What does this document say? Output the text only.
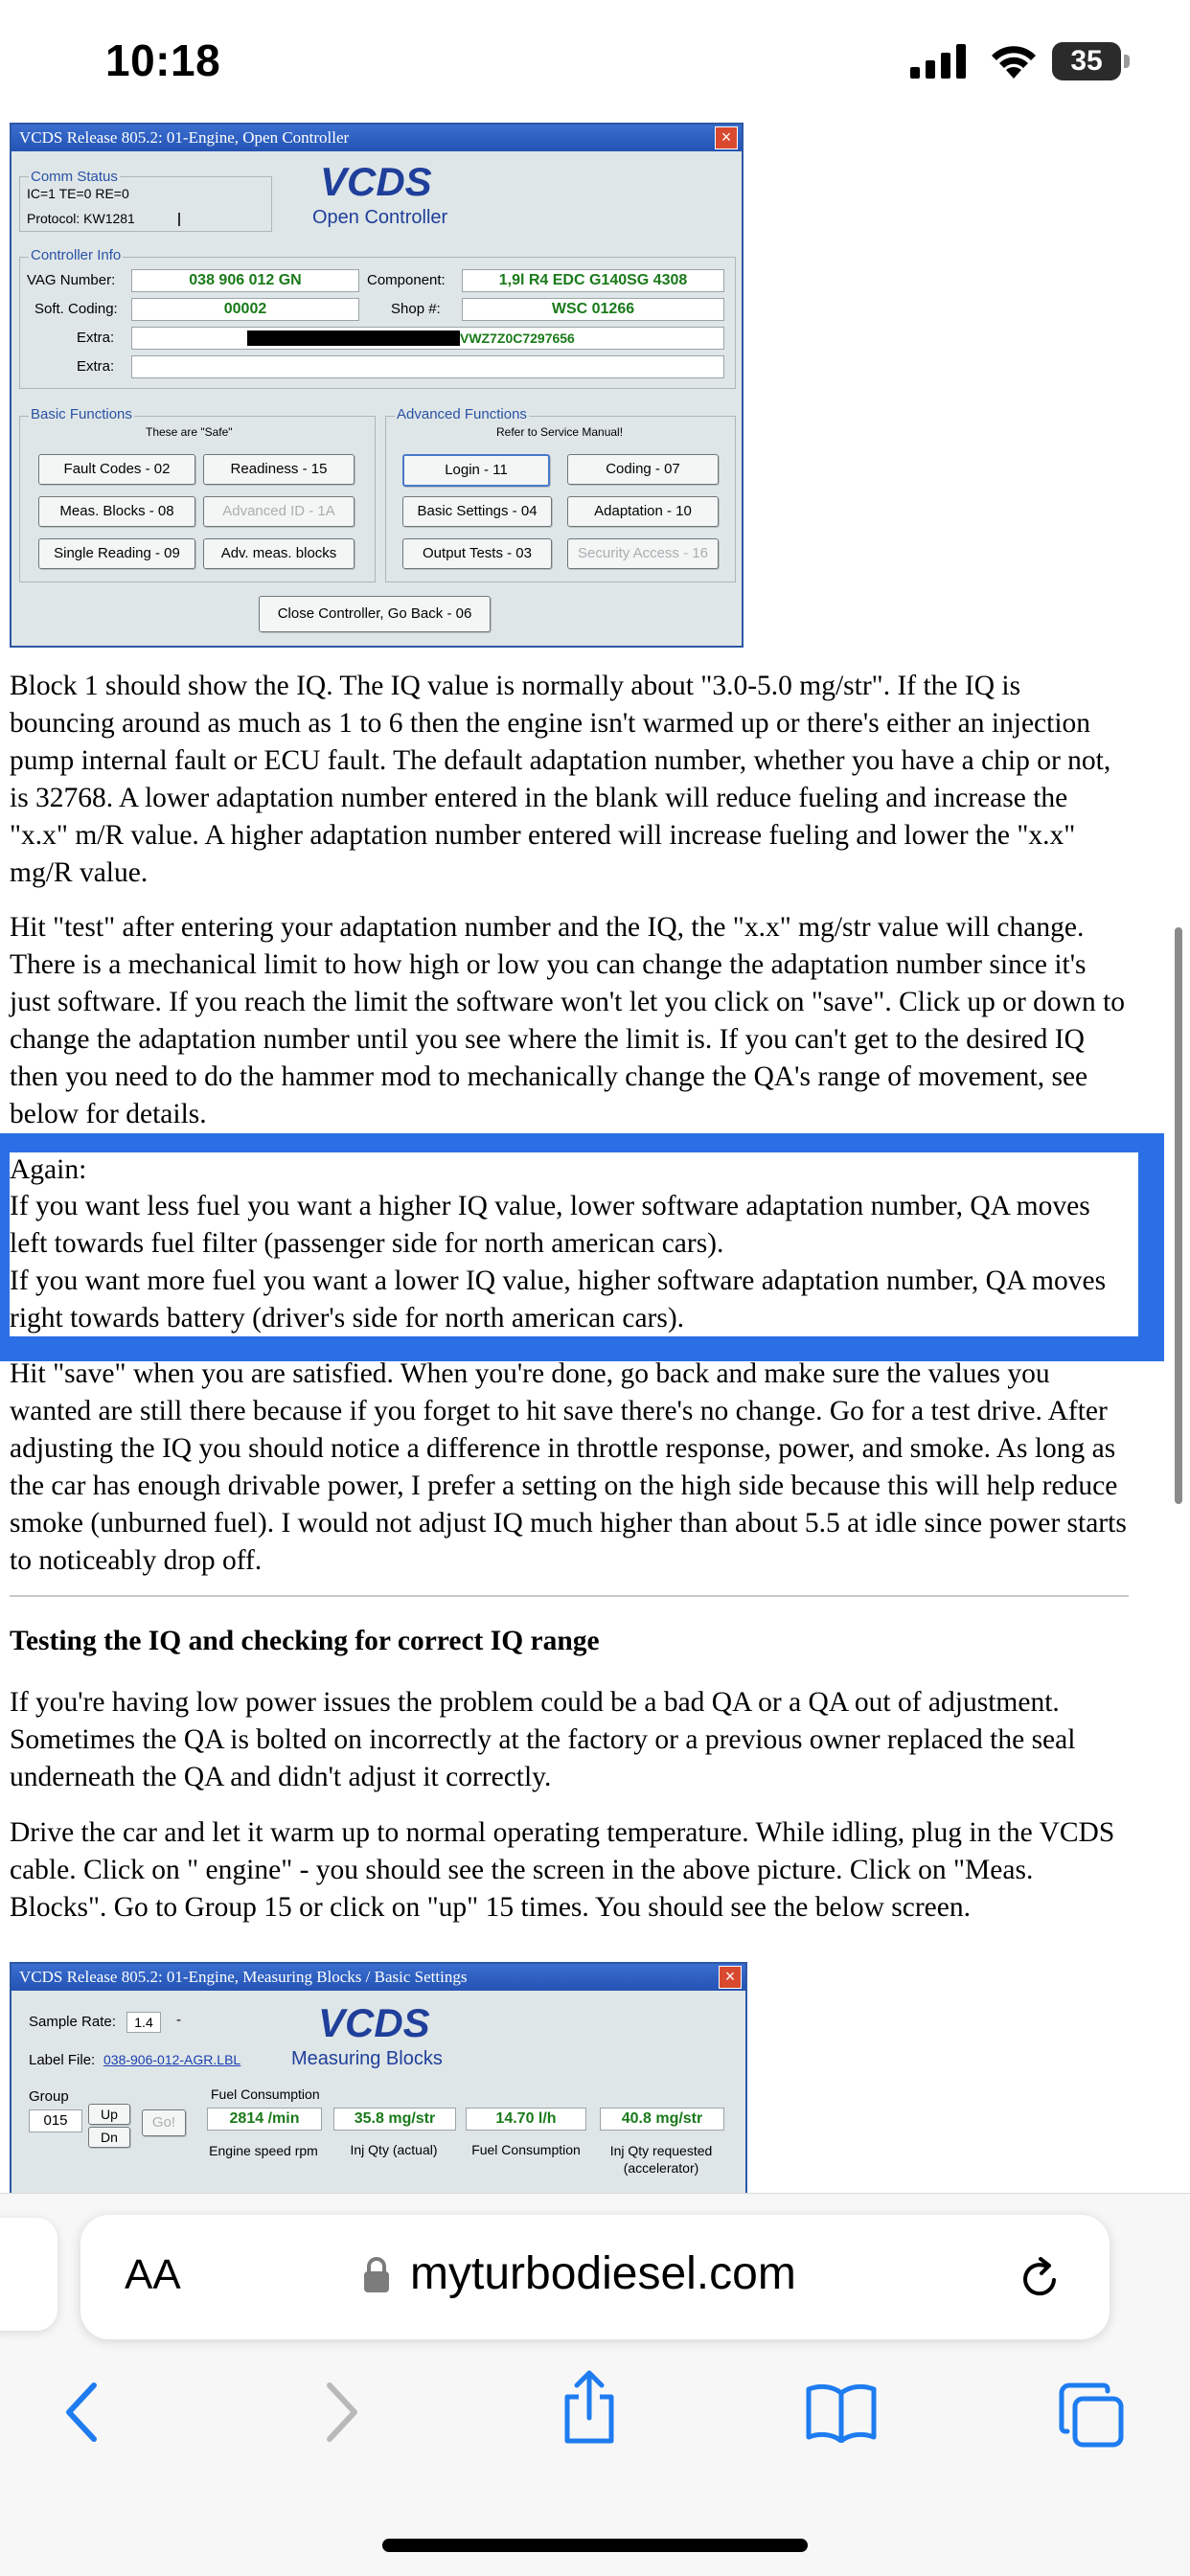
10:18	35
VCDS Release 805.2: 01-Engine, Open Controller	×
Comm Status
IC=1 TE=0 RE=0
Protocol: KW1281
VCDS
Open Controller
Controller Info
VAG Number:	038 906 012 GN	Component:	1,9l R4 EDC G140SG 4308
Soft. Coding:	00002	Shop #:	WSC 01266
Extra:	VWZ7Z0C7297656
Extra:
Basic Functions
These are "Safe"
Fault Codes - 02	Readiness - 15
Meas. Blocks - 08	Advanced ID - 1A
Single Reading - 09	Adv. meas. blocks
Advanced Functions
Refer to Service Manual!
Login - 11	Coding - 07
Basic Settings - 04	Adaptation - 10
Output Tests - 03	Security Access - 16
Close Controller, Go Back - 06

Block 1 should show the IQ. The IQ value is normally about "3.0-5.0 mg/str". If the IQ is bouncing around as much as 1 to 6 then the engine isn't warmed up or there's either an injection pump internal fault or ECU fault. The default adaptation number, whether you have a chip or not, is 32768. A lower adaptation number entered in the blank will reduce fueling and increase the "x.x" m/R value. A higher adaptation number entered will increase fueling and lower the "x.x" mg/R value.

Hit "test" after entering your adaptation number and the IQ, the "x.x" mg/str value will change. There is a mechanical limit to how high or low you can change the adaptation number since it's just software. If you reach the limit the software won't let you click on "save". Click up or down to change the adaptation number until you see where the limit is. If you can't get to the desired IQ then you need to do the hammer mod to mechanically change the QA's range of movement, see below for details.

Again:
If you want less fuel you want a higher IQ value, lower software adaptation number, QA moves left towards fuel filter (passenger side for north american cars).
If you want more fuel you want a lower IQ value, higher software adaptation number, QA moves right towards battery (driver's side for north american cars).

Hit "save" when you are satisfied. When you're done, go back and make sure the values you wanted are still there because if you forget to hit save there's no change. Go for a test drive. After adjusting the IQ you should notice a difference in throttle response, power, and smoke. As long as the car has enough drivable power, I prefer a setting on the high side because this will help reduce smoke (unburned fuel). I would not adjust IQ much higher than about 5.5 at idle since power starts to noticeably drop off.

Testing the IQ and checking for correct IQ range

If you're having low power issues the problem could be a bad QA or a QA out of adjustment. Sometimes the QA is bolted on incorrectly at the factory or a previous owner replaced the seal underneath the QA and didn't adjust it correctly.

Drive the car and let it warm up to normal operating temperature. While idling, plug in the VCDS cable. Click on " engine" - you should see the screen in the above picture. Click on "Meas. Blocks". Go to Group 15 or click on "up" 15 times. You should see the below screen.

VCDS Release 805.2: 01-Engine, Measuring Blocks / Basic Settings	×
Sample Rate:	1.4	-	VCDS
Measuring Blocks
Label File: 038-906-012-AGR.LBL
Group
015	Up
Dn
Go!
Fuel Consumption
2814 /min
Engine speed rpm
35.8 mg/str
Inj Qty (actual)
14.70 l/h
Fuel Consumption
40.8 mg/str
Inj Qty requested (accelerator)
AA	myturbodiesel.com
